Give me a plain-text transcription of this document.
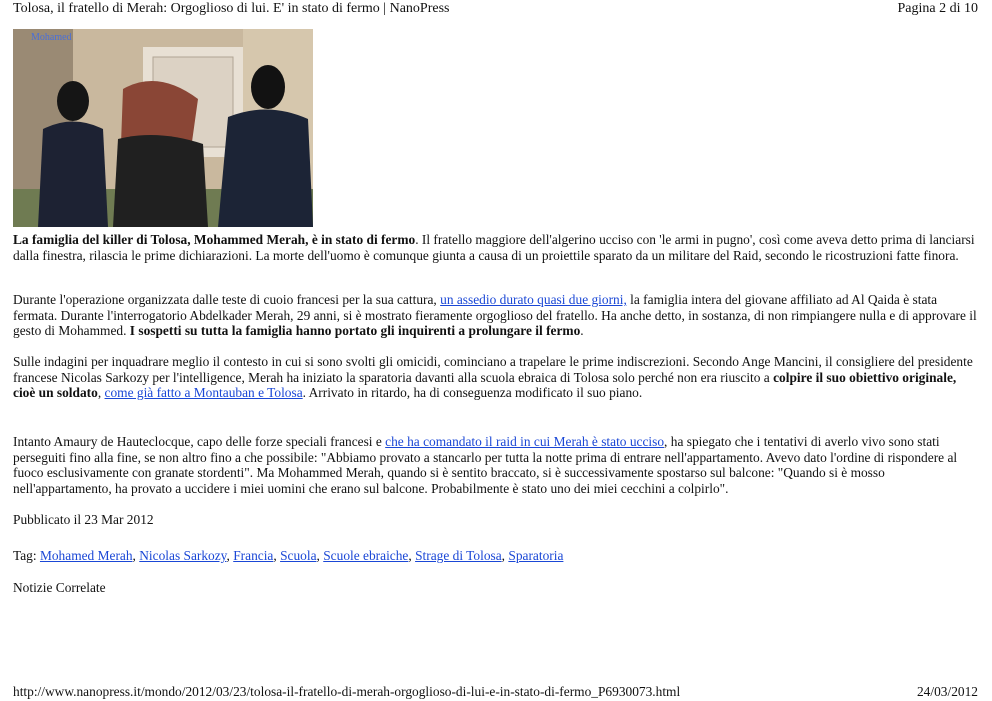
Tolosa, il fratello di Merah: Orgoglioso di lui. E' in stato di fermo | NanoPress	Pagina 2 di 10
Mohamed

La famiglia del killer di Tolosa, Mohammed Merah, è in stato di fermo. Il fratello maggiore dell'algerino ucciso con 'le armi in pugno', così come aveva detto prima di lanciarsi dalla finestra, rilascia le prime dichiarazioni. La morte dell'uomo è comunque giunta a causa di un proiettile sparato da un militare del Raid, secondo le ricostruzioni fatte finora.

Durante l'operazione organizzata dalle teste di cuoio francesi per la sua cattura, un assedio durato quasi due giorni, la famiglia intera del giovane affiliato ad Al Qaida è stata fermata. Durante l'interrogatorio Abdelkader Merah, 29 anni, si è mostrato fieramente orgoglioso del fratello. Ha anche detto, in sostanza, di non rimpiangere nulla e di approvare il gesto di Mohammed. I sospetti su tutta la famiglia hanno portato gli inquirenti a prolungare il fermo.

Sulle indagini per inquadrare meglio il contesto in cui si sono svolti gli omicidi, cominciano a trapelare le prime indiscrezioni. Secondo Ange Mancini, il consigliere del presidente francese Nicolas Sarkozy per l'intelligence, Merah ha iniziato la sparatoria davanti alla scuola ebraica di Tolosa solo perché non era riuscito a colpire il suo obiettivo originale, cioè un soldato, come già fatto a Montauban e Tolosa. Arrivato in ritardo, ha di conseguenza modificato il suo piano.

Intanto Amaury de Hauteclocque, capo delle forze speciali francesi e che ha comandato il raid in cui Merah è stato ucciso, ha spiegato che i tentativi di averlo vivo sono stati perseguiti fino alla fine, se non altro fino a che possibile: "Abbiamo provato a stancarlo per tutta la notte prima di entrare nell'appartamento. Avevo dato l'ordine di rispondere al fuoco esclusivamente con granate stordenti". Ma Mohammed Merah, quando si è sentito braccato, si è successivamente spostarso sul balcone: "Quando si è mosso nell'appartamento, ha provato a uccidere i miei uomini che erano sul balcone. Probabilmente è stato uno dei miei cecchini a colpirlo".

Pubblicato il 23 Mar 2012

Tag: Mohamed Merah, Nicolas Sarkozy, Francia, Scuola, Scuole ebraiche, Strage di Tolosa, Sparatoria

Notizie Correlate

http://www.nanopress.it/mondo/2012/03/23/tolosa-il-fratello-di-merah-orgoglioso-di-lui-e-in-stato-di-fermo_P6930073.html	24/03/2012
